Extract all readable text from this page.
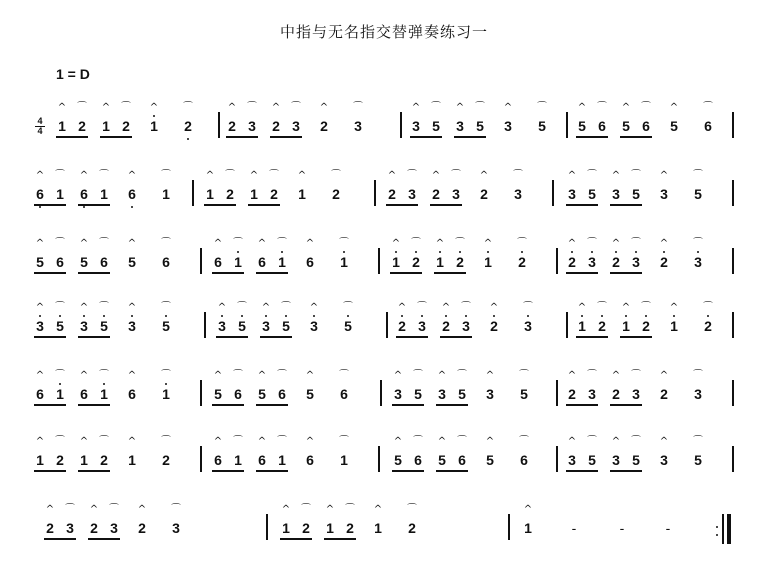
中指与无名指交替弹奏练习一
1 = D
4
4 1
^
2
⌒
1
^
2
⌒
1
^
2
⌒
2
^
3
⌒
2
^
3
⌒
2
^
3
⌒
3
^
5
⌒
3
^
5
⌒
3
^
5
⌒
5
^
6
⌒
5
^
6
⌒
5
^
6
⌒
6
^
1
⌒
6
^
1
⌒
6
^
1
⌒
1
^
2
⌒
1
^
2
⌒
1
^
2
⌒
2
^
3
⌒
2
^
3
⌒
2
^
3
⌒
3
^
5
⌒
3
^
5
⌒
3
^
5
⌒
5
^
6
⌒
5
^
6
⌒
5
^
6
⌒
6
^
1
⌒
6
^
1
⌒
6
^
1
⌒
1
^
2
⌒
1
^
2
⌒
1
^
2
⌒
2
^
3
⌒
2
^
3
⌒
2
^
3
⌒
3
^
5
⌒
3
^
5
⌒
3
^
5
⌒
3
^
5
⌒
3
^
5
⌒
3
^
5
⌒
2
^
3
⌒
2
^
3
⌒
2
^
3
⌒
1
^
2
⌒
1
^
2
⌒
1
^
2
⌒
6
^
1
⌒
6
^
1
⌒
6
^
1
⌒
5
^
6
⌒
5
^
6
⌒
5
^
6
⌒
3
^
5
⌒
3
^
5
⌒
3
^
5
⌒
2
^
3
⌒
2
^
3
⌒
2
^
3
⌒
1
^
2
⌒
1
^
2
⌒
1
^
2
⌒
6
^
1
⌒
6
^
1
⌒
6
^
1
⌒
5
^
6
⌒
5
^
6
⌒
5
^
6
⌒
3
^
5
⌒
3
^
5
⌒
3
^
5
⌒
2
^
3
⌒
2
^
3
⌒
2
^
3
⌒
1
^
2
⌒
1
^
2
⌒
1
^
2
⌒
1
^
-	-	-
